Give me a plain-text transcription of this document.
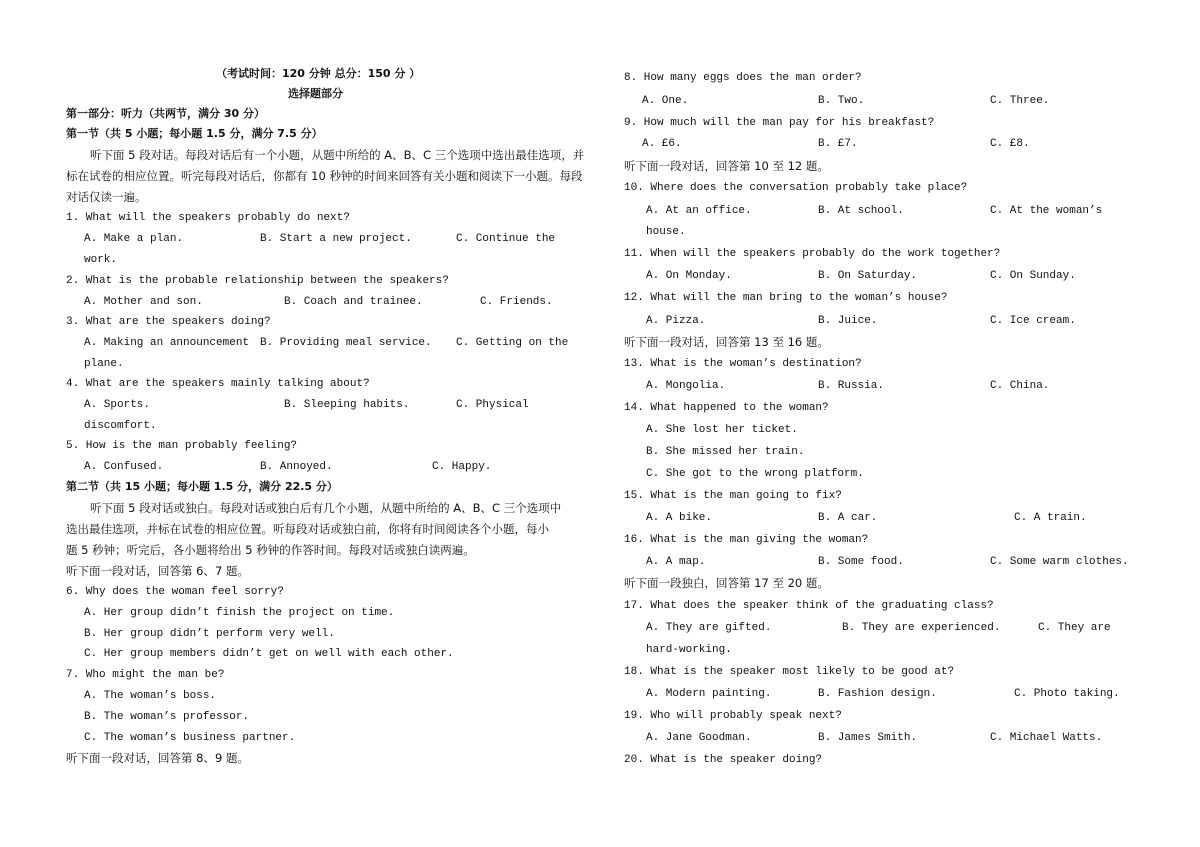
（考试时间：120 分钟 总分：150 分 ）
选择题部分
第一部分：听力（共两节，满分 30 分）
第一节（共 5 小题；每小题 1.5 分，满分 7.5 分）
听下面 5 段对话。每段对话后有一个小题，从题中所给的 A、B、C 三个选项中选出最佳选项，并
标在试卷的相应位置。听完每段对话后，你都有 10 秒钟的时间来回答有关小题和阅读下一小题。每段
对话仅读一遍。
1. What will the speakers probably do next?
A. Make a plan.	B. Start a new project.	C. Continue the
work.
2. What is the probable relationship between the speakers?
A. Mother and son.	B. Coach and trainee.	C. Friends.
3. What are the speakers doing?
A. Making an announcement B. Providing meal service. C. Getting on the
plane.
4. What are the speakers mainly talking about?
A. Sports.	B. Sleeping habits.	C. Physical
discomfort.
5. How is the man probably feeling?
A. Confused.	B. Annoyed.	C. Happy.
第二节（共 15 小题；每小题 1.5 分，满分 22.5 分）
听下面 5 段对话或独白。每段对话或独白后有几个小题，从题中所给的 A、B、C 三个选项中
选出最佳选项，并标在试卷的相应位置。听每段对话或独白前，你将有时间阅读各个小题，每小
题 5 秒钟；听完后，各小题将给出 5 秒钟的作答时间。每段对话或独白读两遍。
听下面一段对话，回答第 6、7 题。
6. Why does the woman feel sorry?
A. Her group didn’t finish the project on time.
B. Her group didn’t perform very well.
C. Her group members didn’t get on well with each other.
7. Who might the man be?
A. The woman’s boss.
B. The woman’s professor.
C. The woman’s business partner.
听下面一段对话，回答第 8、9 题。
8. How many eggs does the man order?
A. One.	B. Two.	C. Three.
9. How much will the man pay for his breakfast?
A. £6.	B. £7.	C. £8.
听下面一段对话，回答第 10 至 12 题。
10. Where does the conversation probably take place?
A. At an office.	B. At school.	C. At the woman’s
house.
11. When will the speakers probably do the work together?
A. On Monday.	B. On Saturday.	C. On Sunday.
12. What will the man bring to the woman’s house?
A. Pizza.	B. Juice.	C. Ice cream.
听下面一段对话，回答第 13 至 16 题。
13. What is the woman’s destination?
A. Mongolia.	B. Russia.	C. China.
14. What happened to the woman?
A. She lost her ticket.
B. She missed her train.
C. She got to the wrong platform.
15. What is the man going to fix?
A. A bike.	B. A car.	C. A train.
16. What is the man giving the woman?
A. A map.	B. Some food.	C. Some warm clothes.
听下面一段独白，回答第 17 至 20 题。
17. What does the speaker think of the graduating class?
A. They are gifted.	B. They are experienced.	C. They are
hard-working.
18. What is the speaker most likely to be good at?
A. Modern painting.	B. Fashion design.	C. Photo taking.
19. Who will probably speak next?
A. Jane Goodman.	B. James Smith.	C. Michael Watts.
20. What is the speaker doing?
